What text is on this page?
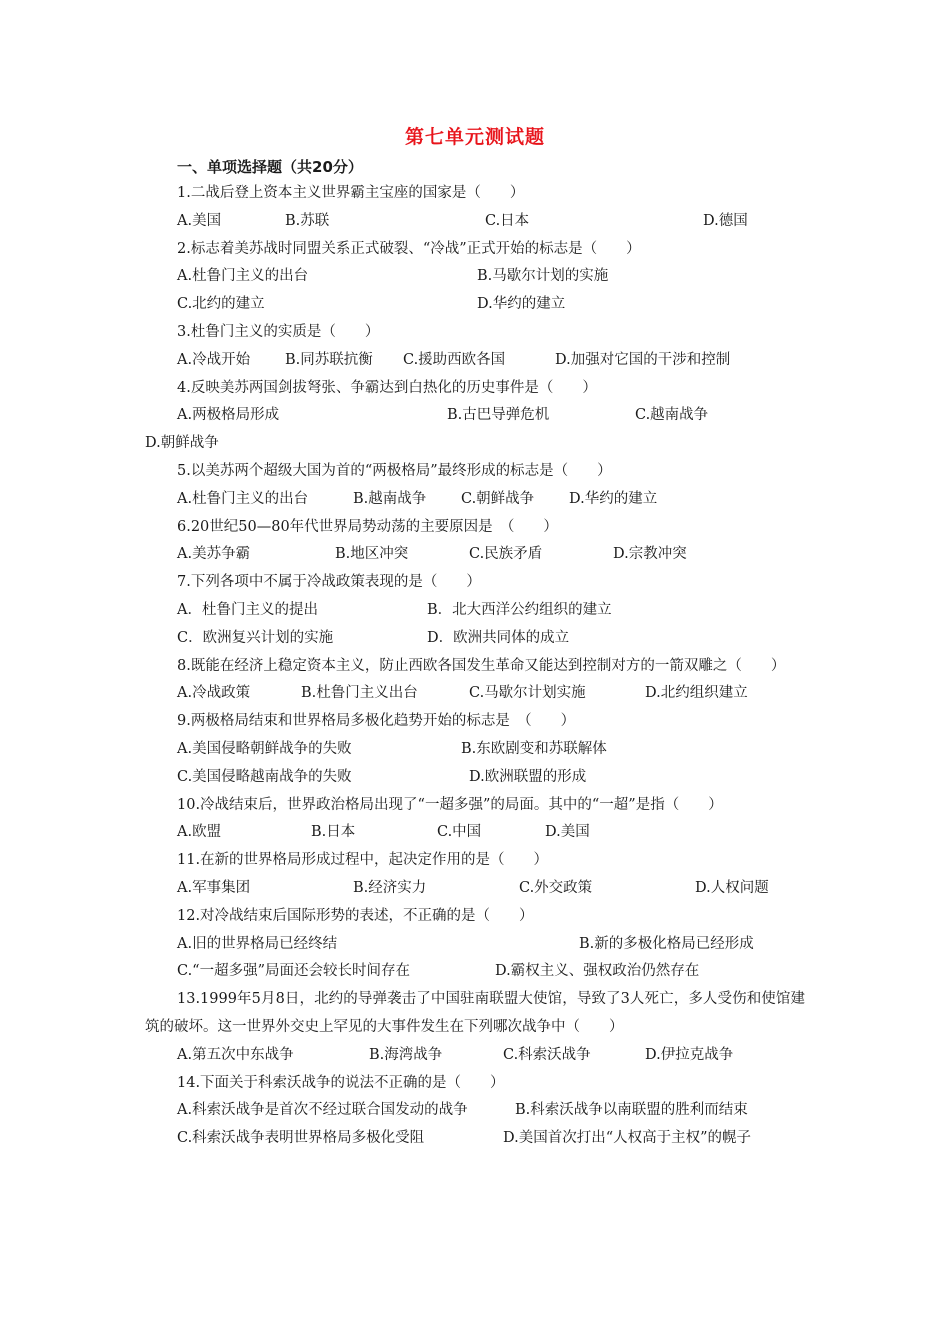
第七单元测试题
一、单项选择题（共20分）
1.二战后登上资本主义世界霸主宝座的国家是（　　）
A.美国	B.苏联	C.日本	D.德国
2.标志着美苏战时同盟关系正式破裂、“冷战”正式开始的标志是（　　）
A.杜鲁门主义的出台	B.马歇尔计划的实施
C.北约的建立	D.华约的建立
3.杜鲁门主义的实质是（　　）
A.冷战开始 B.同苏联抗衡 C.援助西欧各国	D.加强对它国的干涉和控制
4.反映美苏两国剑拔弩张、争霸达到白热化的历史事件是（　　）
A.两极格局形成	B.古巴导弹危机	C.越南战争
D.朝鲜战争
5.以美苏两个超级大国为首的“两极格局”最终形成的标志是（　　）
A.杜鲁门主义的出台	B.越南战争 C.朝鲜战争 D.华约的建立
6.20世纪50—80年代世界局势动荡的主要原因是　（　　）
A.美苏争霸	B.地区冲突	C.民族矛盾	D.宗教冲突
7.下列各项中不属于冷战政策表现的是（　　）
A．杜鲁门主义的提出	B．北大西洋公约组织的建立
C．欧洲复兴计划的实施	D．欧洲共同体的成立
8.既能在经济上稳定资本主义，防止西欧各国发生革命又能达到控制对方的一箭双雕之（　　）
A.冷战政策	B.杜鲁门主义出台	C.马歇尔计划实施	D.北约组织建立
9.两极格局结束和世界格局多极化趋势开始的标志是　（　　）
A.美国侵略朝鲜战争的失败	B.东欧剧变和苏联解体
C.美国侵略越南战争的失败	D.欧洲联盟的形成
10.冷战结束后，世界政治格局出现了“一超多强”的局面。其中的“一超”是指（　　）
A.欧盟	B.日本	C.中国	D.美国
11.在新的世界格局形成过程中，起决定作用的是（　　）
A.军事集团	B.经济实力	C.外交政策	D.人权问题
12.对冷战结束后国际形势的表述，不正确的是（　　）
A.旧的世界格局已经终结	B.新的多极化格局已经形成
C.“一超多强”局面还会较长时间存在	D.霸权主义、强权政治仍然存在
13.1999年5月8日，北约的导弹袭击了中国驻南联盟大使馆，导致了3人死亡，多人受伤和使馆建筑的破坏。这一世界外交史上罕见的大事件发生在下列哪次战争中（　　）
A.第五次中东战争	B.海湾战争	C.科索沃战争	D.伊拉克战争
14.下面关于科索沃战争的说法不正确的是（　　）
A.科索沃战争是首次不经过联合国发动的战争	B.科索沃战争以南联盟的胜利而结束
C.科索沃战争表明世界格局多极化受阻	D.美国首次打出“人权高于主权”的幌子
